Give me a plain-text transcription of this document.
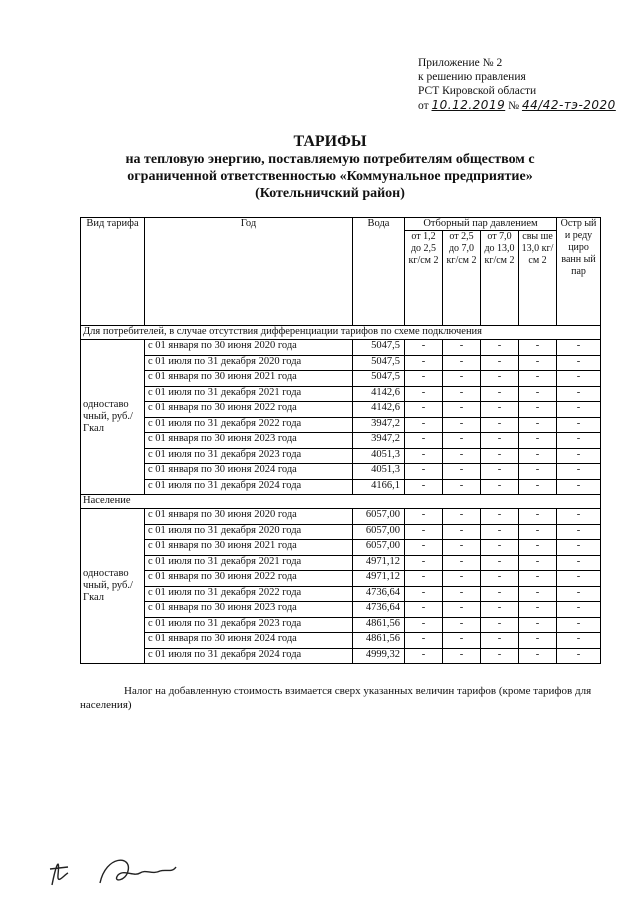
Приложение № 2
к решению правления
РСТ Кировской области
от 10.12.2019 № 44/42-тэ-2020
ТАРИФЫ
на тепловую энергию, поставляемую потребителям обществом с
ограниченной ответственностью «Коммунальное предприятие»
(Котельничский район)
Вид тарифа	Год	Вода	Отборный пар давлением				Остр ый и реду циро ванн ый пар
			от 1,2 до 2,5 кг/см 2	от 2,5 до 7,0 кг/см 2	от 7,0 до 13,0 кг/см 2	свы ше 13,0 кг/см 2	
Для потребителей, в случае отсутствия дифференциации тарифов по схеме подключения							
одноставо чный, руб./Гкал	с 01 января по 30 июня 2020 года	5047,5	-	-	-	-	-
	с 01 июля по 31 декабря 2020 года	5047,5	-	-	-	-	-
	с 01 января по 30 июня 2021 года	5047,5	-	-	-	-	-
	с 01 июля по 31 декабря 2021 года	4142,6	-	-	-	-	-
	с 01 января по 30 июня 2022 года	4142,6	-	-	-	-	-
	с 01 июля по 31 декабря 2022 года	3947,2	-	-	-	-	-
	с 01 января по 30 июня 2023 года	3947,2	-	-	-	-	-
	с 01 июля по 31 декабря 2023 года	4051,3	-	-	-	-	-
	с 01 января по 30 июня 2024 года	4051,3	-	-	-	-	-
	с 01 июля по 31 декабря 2024 года	4166,1	-	-	-	-	-
Население							
одноставо чный, руб./Гкал	с 01 января по 30 июня 2020 года	6057,00	-	-	-	-	-
	с 01 июля по 31 декабря 2020 года	6057,00	-	-	-	-	-
	с 01 января по 30 июня 2021 года	6057,00	-	-	-	-	-
	с 01 июля по 31 декабря 2021 года	4971,12	-	-	-	-	-
	с 01 января по 30 июня 2022 года	4971,12	-	-	-	-	-
	с 01 июля по 31 декабря 2022 года	4736,64	-	-	-	-	-
	с 01 января по 30 июня 2023 года	4736,64	-	-	-	-	-
	с 01 июля по 31 декабря 2023 года	4861,56	-	-	-	-	-
	с 01 января по 30 июня 2024 года	4861,56	-	-	-	-	-
	с 01 июля по 31 декабря 2024 года	4999,32	-	-	-	-	-
Налог на добавленную стоимость взимается сверх указанных величин тарифов (кроме тарифов для населения)
